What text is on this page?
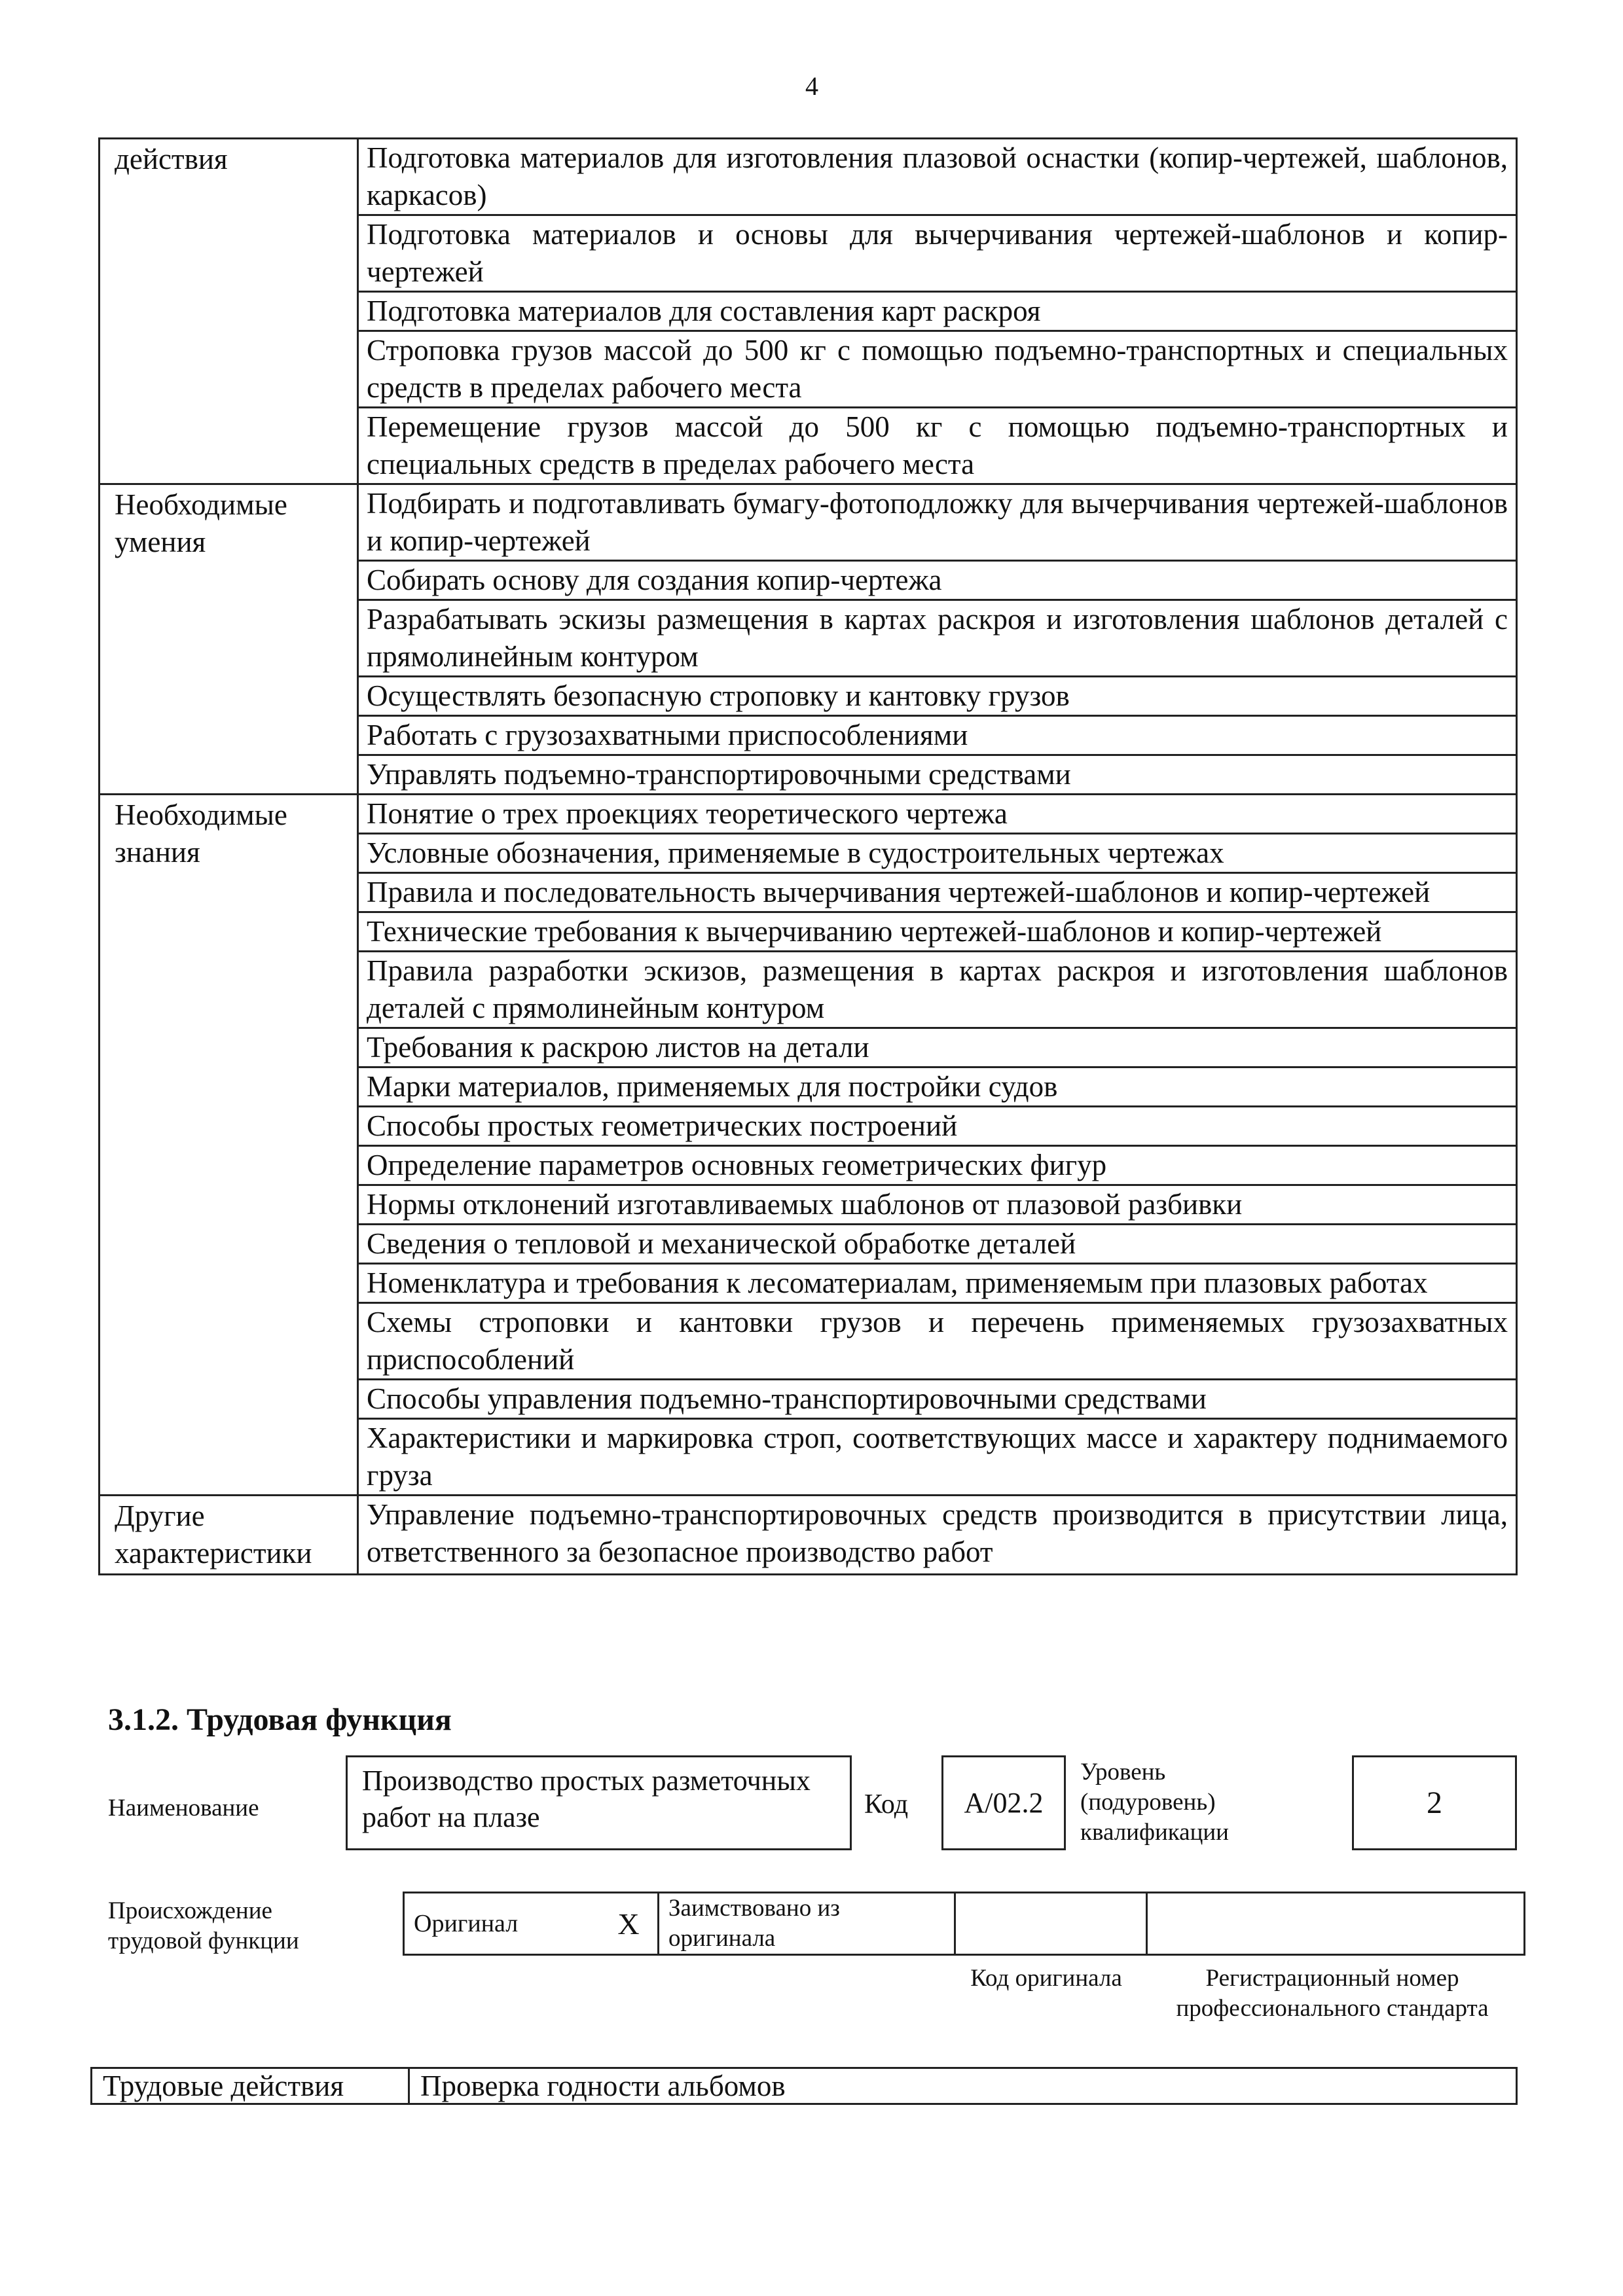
4
действия	Подготовка материалов для изготовления плазовой оснастки (копир-чертежей, шаблонов, каркасов)
	Подготовка материалов и основы для вычерчивания чертежей-шаблонов и копир-чертежей
	Подготовка материалов для составления карт раскроя
	Строповка грузов массой до 500 кг с помощью подъемно-транспортных и специальных средств в пределах рабочего места
	Перемещение грузов массой до 500 кг с помощью подъемно-транспортных и специальных средств в пределах рабочего места
Необходимые умения	Подбирать и подготавливать бумагу-фотоподложку для вычерчивания чертежей-шаблонов и копир-чертежей
	Собирать основу для создания копир-чертежа
	Разрабатывать эскизы размещения в картах раскроя и изготовления шаблонов деталей с прямолинейным контуром
	Осуществлять безопасную строповку и кантовку грузов
	Работать с грузозахватными приспособлениями
	Управлять подъемно-транспортировочными средствами
Необходимые знания	Понятие о трех проекциях теоретического чертежа
	Условные обозначения, применяемые в судостроительных чертежах
	Правила и последовательность вычерчивания чертежей-шаблонов и копир-чертежей
	Технические требования к вычерчиванию чертежей-шаблонов и копир-чертежей
	Правила разработки эскизов, размещения в картах раскроя и изготовления шаблонов деталей с прямолинейным контуром
	Требования к раскрою листов на детали
	Марки материалов, применяемых для постройки судов
	Способы простых геометрических построений
	Определение параметров основных геометрических фигур
	Нормы отклонений изготавливаемых шаблонов от плазовой разбивки
	Сведения о тепловой и механической обработке деталей
	Номенклатура и требования к лесоматериалам, применяемым при плазовых работах
	Схемы строповки и кантовки грузов и перечень применяемых грузозахватных приспособлений
	Способы управления подъемно-транспортировочными средствами
	Характеристики и маркировка строп, соответствующих массе и характеру поднимаемого груза
Другие характеристики	Управление подъемно-транспортировочных средств производится в присутствии лица, ответственного за безопасное производство работ
3.1.2. Трудовая функция
Наименование
Производство простых разметочных работ на плазе	Код	A/02.2
Уровень (подуровень) квалификации
2
Происхождение трудовой функции
Оригинал	X	Заимствовано из оригинала		
Код оригинала	Регистрационный номер профессионального стандарта
Трудовые действия	Проверка годности альбомов
